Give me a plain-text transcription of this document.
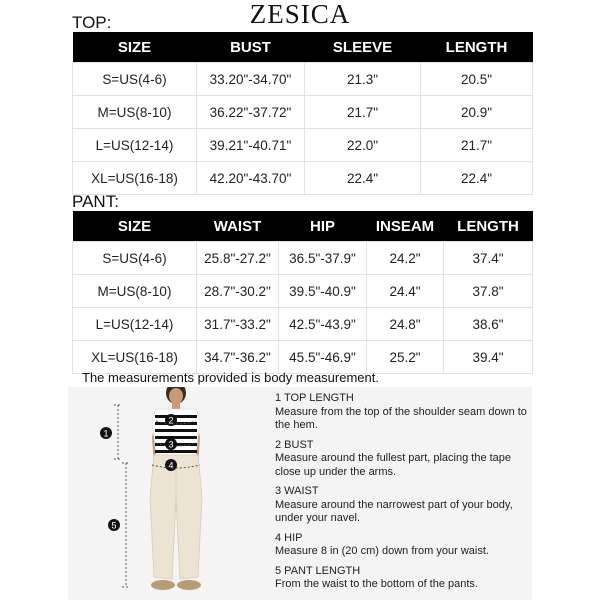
ZESICA
TOP:
SIZE	BUST	SLEEVE	LENGTH
S=US(4-6)	33.20"-34.70"	21.3"	20.5"
M=US(8-10)	36.22"-37.72"	21.7"	20.9"
L=US(12-14)	39.21"-40.71"	22.0"	21.7"
XL=US(16-18)	42.20"-43.70"	22.4"	22.4"
PANT:
SIZE	WAIST	HIP	INSEAM	LENGTH
S=US(4-6)	25.8"-27.2"	36.5"-37.9"	24.2"	37.4"
M=US(8-10)	28.7"-30.2"	39.5"-40.9"	24.4"	37.8"
L=US(12-14)	31.7"-33.2"	42.5"-43.9"	24.8"	38.6"
XL=US(16-18)	34.7"-36.2"	45.5"-46.9"	25.2"	39.4"
The measurements provided is body measurement.
1
2
3
4
5
1 TOP LENGTH
Measure from the top of the shoulder seam down to the hem.
2 BUST
Measure around the fullest part, placing the tape close up under the arms.
3 WAIST
Measure around the narrowest part of your body, under your navel.
4 HIP
Measure 8 in (20 cm) down from your waist.
5 PANT LENGTH
From the waist to the bottom of the pants.
